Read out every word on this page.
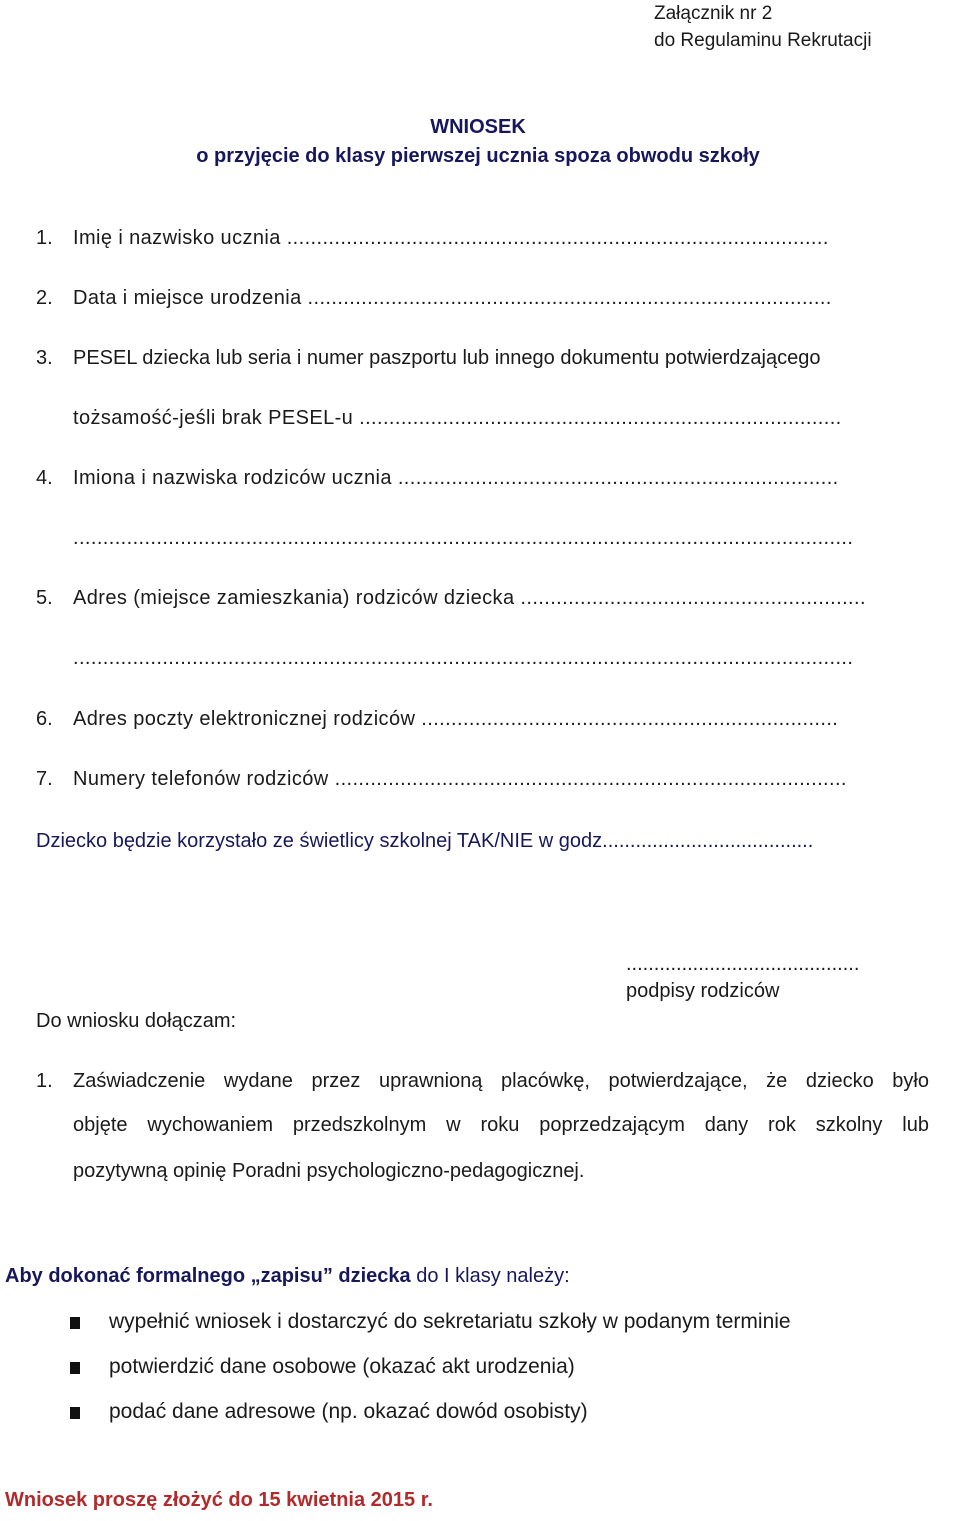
Załącznik nr 2
do Regulaminu Rekrutacji
WNIOSEK
o przyjęcie do klasy pierwszej ucznia spoza obwodu szkoły
1. Imię i nazwisko ucznia ...........................................................................................
2. Data i miejsce urodzenia ........................................................................................
3. PESEL dziecka lub seria i numer paszportu lub innego dokumentu potwierdzającego
tożsamość-jeśli brak PESEL-u .................................................................................
4. Imiona i nazwiska rodziców ucznia ..........................................................................
...................................................................................................................................
5. Adres (miejsce zamieszkania) rodziców dziecka ..........................................................
...................................................................................................................................
6. Adres poczty elektronicznej rodziców ......................................................................
7. Numery telefonów rodziców ......................................................................................
Dziecko będzie korzystało ze świetlicy szkolnej TAK/NIE w godz......................................
..........................................
podpisy rodziców
Do wniosku dołączam:
1. Zaświadczenie wydane przez uprawnioną placówkę, potwierdzające, że dziecko było
objęte wychowaniem przedszkolnym w roku poprzedzającym dany rok szkolny lub
pozytywną opinię Poradni psychologiczno-pedagogicznej.
Aby dokonać formalnego „zapisu” dziecka do I klasy należy:
wypełnić wniosek i dostarczyć do sekretariatu szkoły w podanym terminie
potwierdzić dane osobowe (okazać akt urodzenia)
podać dane adresowe (np. okazać dowód osobisty)
Wniosek proszę złożyć do 15 kwietnia 2015 r.
